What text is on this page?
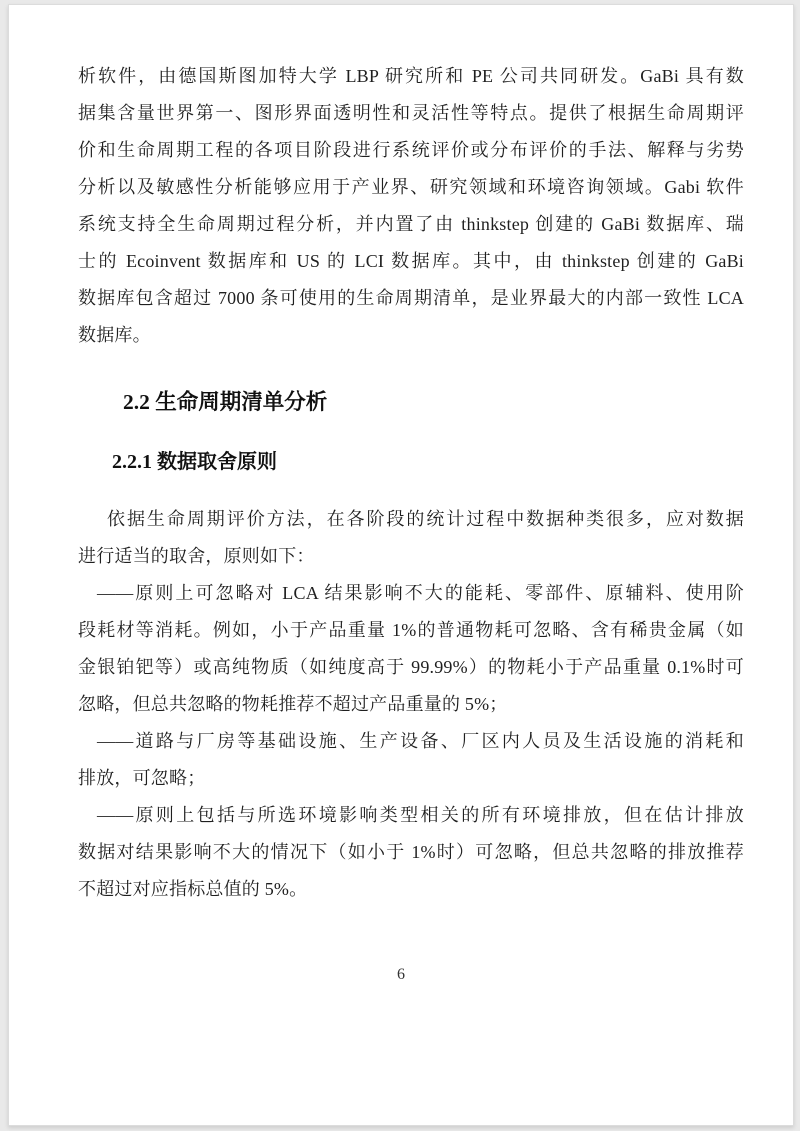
析软件，由德国斯图加特大学 LBP 研究所和 PE 公司共同研发。GaBi 具有数
据集含量世界第一、图形界面透明性和灵活性等特点。提供了根据生命周期评
价和生命周期工程的各项目阶段进行系统评价或分布评价的手法、解释与劣势
分析以及敏感性分析能够应用于产业界、研究领域和环境咨询领域。Gabi 软件
系统支持全生命周期过程分析，并内置了由 thinkstep 创建的 GaBi 数据库、瑞
士的 Ecoinvent 数据库和 US 的 LCI 数据库。其中，由 thinkstep 创建的 GaBi
数据库包含超过 7000 条可使用的生命周期清单，是业界最大的内部一致性 LCA
数据库。
2.2 生命周期清单分析
2.2.1 数据取舍原则
依据生命周期评价方法，在各阶段的统计过程中数据种类很多，应对数据
进行适当的取舍，原则如下：
——原则上可忽略对 LCA 结果影响不大的能耗、零部件、原辅料、使用阶
段耗材等消耗。例如，小于产品重量 1%的普通物耗可忽略、含有稀贵金属（如
金银铂钯等）或高纯物质（如纯度高于 99.99%）的物耗小于产品重量 0.1%时可
忽略，但总共忽略的物耗推荐不超过产品重量的 5%；
——道路与厂房等基础设施、生产设备、厂区内人员及生活设施的消耗和
排放，可忽略；
——原则上包括与所选环境影响类型相关的所有环境排放，但在估计排放
数据对结果影响不大的情况下（如小于 1%时）可忽略，但总共忽略的排放推荐
不超过对应指标总值的 5%。
6
